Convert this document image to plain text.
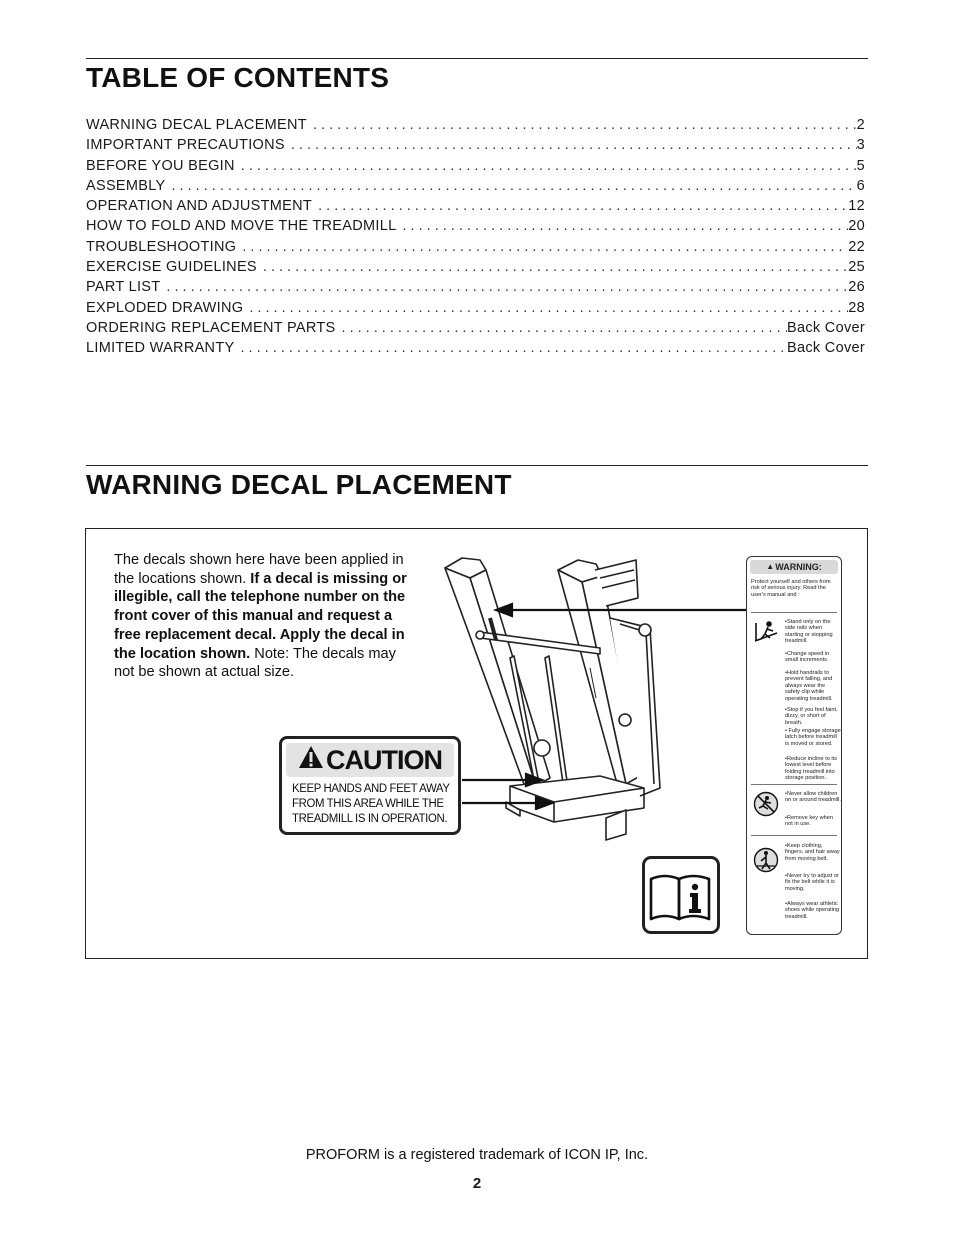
TABLE OF CONTENTS
WARNING DECAL PLACEMENT . . .	2
IMPORTANT PRECAUTIONS . . .	3
BEFORE YOU BEGIN . . .	5
ASSEMBLY . . .	6
OPERATION AND ADJUSTMENT . . .	12
HOW TO FOLD AND MOVE THE TREADMILL . . .	20
TROUBLESHOOTING . . .	22
EXERCISE GUIDELINES . . .	25
PART LIST . . .	26
EXPLODED DRAWING . . .	28
ORDERING REPLACEMENT PARTS . . .	Back Cover
LIMITED WARRANTY . . .	Back Cover
WARNING DECAL PLACEMENT
The decals shown here have been applied in the locations shown. If a decal is missing or illegible, call the telephone number on the front cover of this manual and request a free replacement decal. Apply the decal in the location shown. Note: The decals may not be shown at actual size.
CAUTION
KEEP HANDS AND FEET AWAY FROM THIS AREA WHILE THE TREADMILL IS IN OPERATION.
▲ WARNING:
Protect yourself and others from risk of serious injury. Read the user's manual and :
•Stand only on the side rails when starting or stopping treadmill.
•Change speed in small increments.
•Hold handrails to prevent falling, and always wear the safety clip while operating treadmill.
•Stop if you feel faint, dizzy, or short of breath.
• Fully engage storage latch before treadmill is moved or stored.
•Reduce incline to its lowest level before folding treadmill into storage position.
•Never allow children on or around treadmill.
•Remove key when not in use.
•Keep clothing, fingers, and hair away from moving belt.
•Never try to adjust or fix the belt while it is moving.
•Always wear athletic shoes while operating treadmill.
PROFORM is a registered trademark of ICON IP, Inc.
2
